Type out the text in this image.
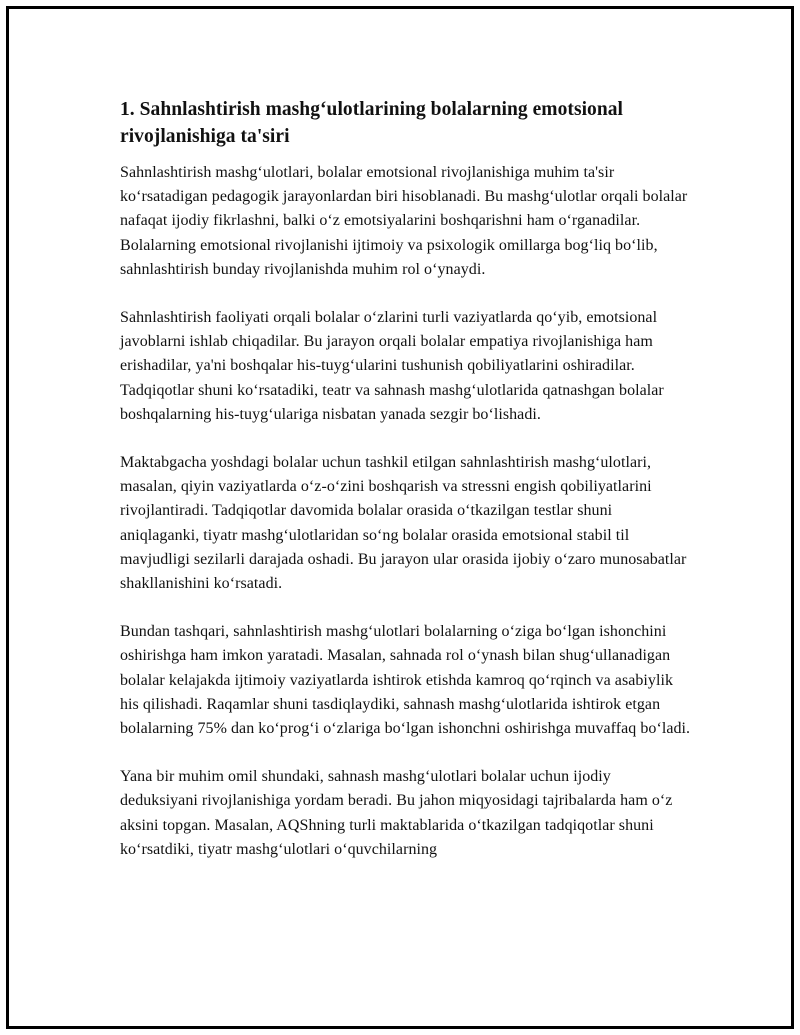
1. Sahnlashtirish mashg‘ulotlarining bolalarning emotsional rivojlanishiga ta'siri

Sahnlashtirish mashg‘ulotlari, bolalar emotsional rivojlanishiga muhim ta'sir ko‘rsatadigan pedagogik jarayonlardan biri hisoblanadi. Bu mashg‘ulotlar orqali bolalar nafaqat ijodiy fikrlashni, balki o‘z emotsiyalarini boshqarishni ham o‘rganadilar. Bolalarning emotsional rivojlanishi ijtimoiy va psixologik omillarga bog‘liq bo‘lib, sahnlashtirish bunday rivojlanishda muhim rol o‘ynaydi.

Sahnlashtirish faoliyati orqali bolalar o‘zlarini turli vaziyatlarda qo‘yib, emotsional javoblarni ishlab chiqadilar. Bu jarayon orqali bolalar empatiya rivojlanishiga ham erishadilar, ya'ni boshqalar his-tuyg‘ularini tushunish qobiliyatlarini oshiradilar. Tadqiqotlar shuni ko‘rsatadiki, teatr va sahnash mashg‘ulotlarida qatnashgan bolalar boshqalarning his-tuyg‘ulariga nisbatan yanada sezgir bo‘lishadi.

Maktabgacha yoshdagi bolalar uchun tashkil etilgan sahnlashtirish mashg‘ulotlari, masalan, qiyin vaziyatlarda o‘z-o‘zini boshqarish va stressni engish qobiliyatlarini rivojlantiradi. Tadqiqotlar davomida bolalar orasida o‘tkazilgan testlar shuni aniqlaganki, tiyatr mashg‘ulotlaridan so‘ng bolalar orasida emotsional stabil til mavjudligi sezilarli darajada oshadi. Bu jarayon ular orasida ijobiy o‘zaro munosabatlar shakllanishini ko‘rsatadi.

Bundan tashqari, sahnlashtirish mashg‘ulotlari bolalarning o‘ziga bo‘lgan ishonchini oshirishga ham imkon yaratadi. Masalan, sahnada rol o‘ynash bilan shug‘ullanadigan bolalar kelajakda ijtimoiy vaziyatlarda ishtirok etishda kamroq qo‘rqinch va asabiylik his qilishadi. Raqamlar shuni tasdiqlaydiki, sahnash mashg‘ulotlarida ishtirok etgan bolalarning 75% dan ko‘prog‘i o‘zlariga bo‘lgan ishonchni oshirishga muvaffaq bo‘ladi.

Yana bir muhim omil shundaki, sahnash mashg‘ulotlari bolalar uchun ijodiy deduksiyani rivojlanishiga yordam beradi. Bu jahon miqyosidagi tajribalarda ham o‘z aksini topgan. Masalan, AQShning turli maktablarida o‘tkazilgan tadqiqotlar shuni ko‘rsatdiki, tiyatr mashg‘ulotlari o‘quvchilarning
